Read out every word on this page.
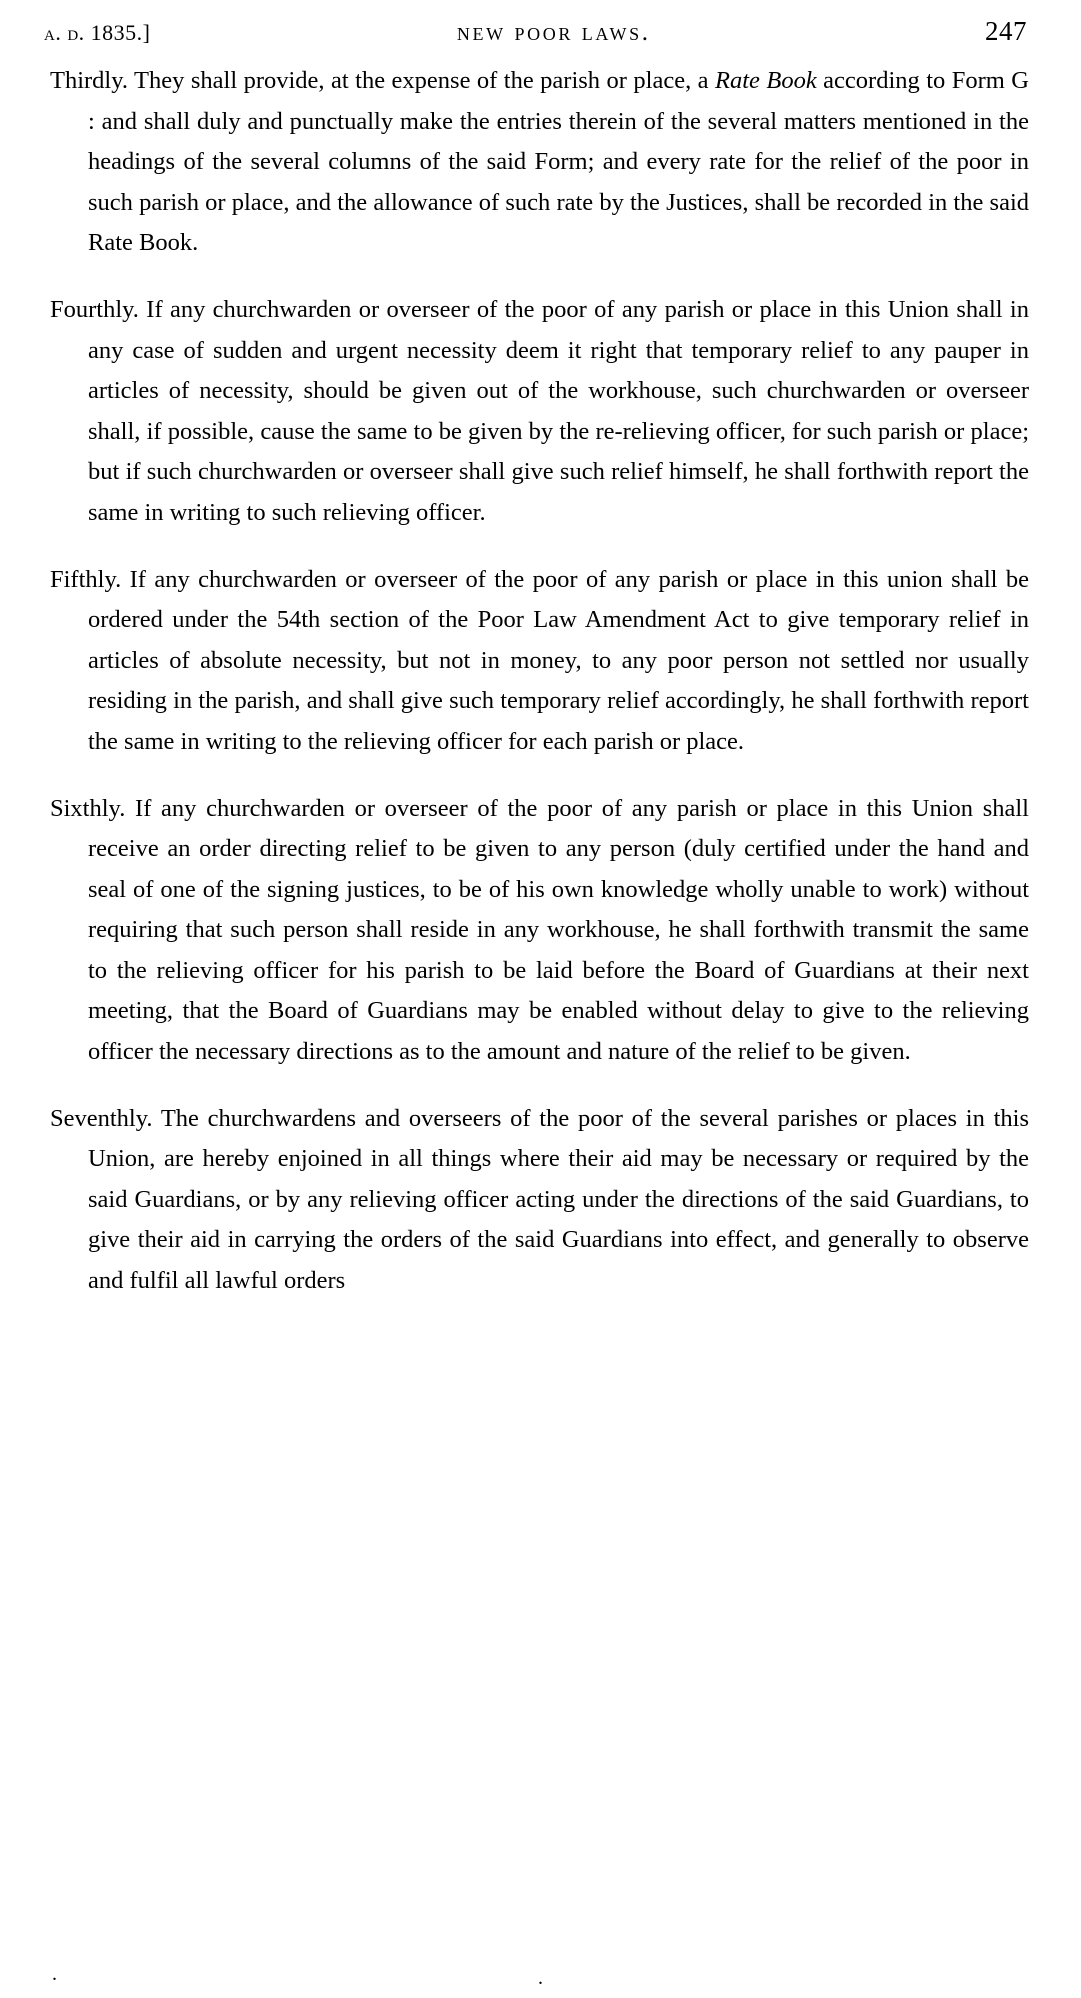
a. d. 1835.]	new poor laws.	247

Thirdly. They shall provide, at the expense of the parish or place, a Rate Book according to Form G : and shall duly and punctually make the entries therein of the several matters mentioned in the headings of the several columns of the said Form; and every rate for the relief of the poor in such parish or place, and the allowance of such rate by the Justices, shall be recorded in the said Rate Book.

Fourthly. If any churchwarden or overseer of the poor of any parish or place in this Union shall in any case of sudden and urgent necessity deem it right that temporary relief to any pauper in articles of necessity, should be given out of the workhouse, such churchwarden or overseer shall, if possible, cause the same to be given by the re-relieving officer, for such parish or place; but if such churchwarden or overseer shall give such relief himself, he shall forthwith report the same in writing to such relieving officer.

Fifthly. If any churchwarden or overseer of the poor of any parish or place in this union shall be ordered under the 54th section of the Poor Law Amendment Act to give temporary relief in articles of absolute necessity, but not in money, to any poor person not settled nor usually residing in the parish, and shall give such temporary relief accordingly, he shall forthwith report the same in writing to the relieving officer for each parish or place.

Sixthly. If any churchwarden or overseer of the poor of any parish or place in this Union shall receive an order directing relief to be given to any person (duly certified under the hand and seal of one of the signing justices, to be of his own knowledge wholly unable to work) without requiring that such person shall reside in any workhouse, he shall forthwith transmit the same to the relieving officer for his parish to be laid before the Board of Guardians at their next meeting, that the Board of Guardians may be enabled without delay to give to the relieving officer the necessary directions as to the amount and nature of the relief to be given.

Seventhly. The churchwardens and overseers of the poor of the several parishes or places in this Union, are hereby enjoined in all things where their aid may be necessary or required by the said Guardians, or by any relieving officer acting under the directions of the said Guardians, to give their aid in carrying the orders of the said Guardians into effect, and generally to observe and fulfil all lawful orders

.	.
